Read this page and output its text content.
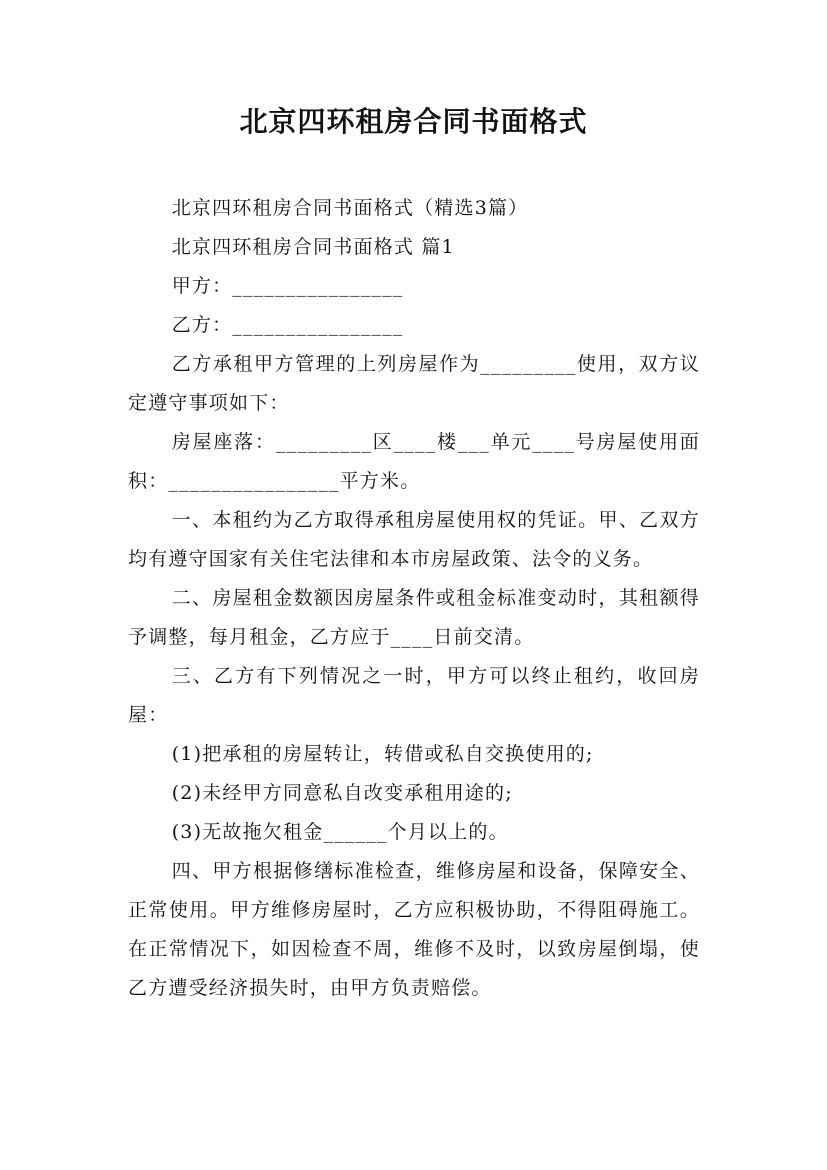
北京四环租房合同书面格式

北京四环租房合同书面格式（精选3篇）

北京四环租房合同书面格式 篇1

甲方：________________

乙方：________________

乙方承租甲方管理的上列房屋作为_________使用，双方议定遵守事项如下：

房屋座落：_________区____楼___单元____号房屋使用面积：________________平方米。

一、本租约为乙方取得承租房屋使用权的凭证。甲、乙双方均有遵守国家有关住宅法律和本市房屋政策、法令的义务。

二、房屋租金数额因房屋条件或租金标准变动时，其租额得予调整，每月租金，乙方应于____日前交清。

三、乙方有下列情况之一时，甲方可以终止租约，收回房屋：

(1)把承租的房屋转让，转借或私自交换使用的;

(2)未经甲方同意私自改变承租用途的;

(3)无故拖欠租金______个月以上的。

四、甲方根据修缮标准检查，维修房屋和设备，保障安全、正常使用。甲方维修房屋时，乙方应积极协助，不得阻碍施工。在正常情况下，如因检查不周，维修不及时，以致房屋倒塌，使乙方遭受经济损失时，由甲方负责赔偿。
